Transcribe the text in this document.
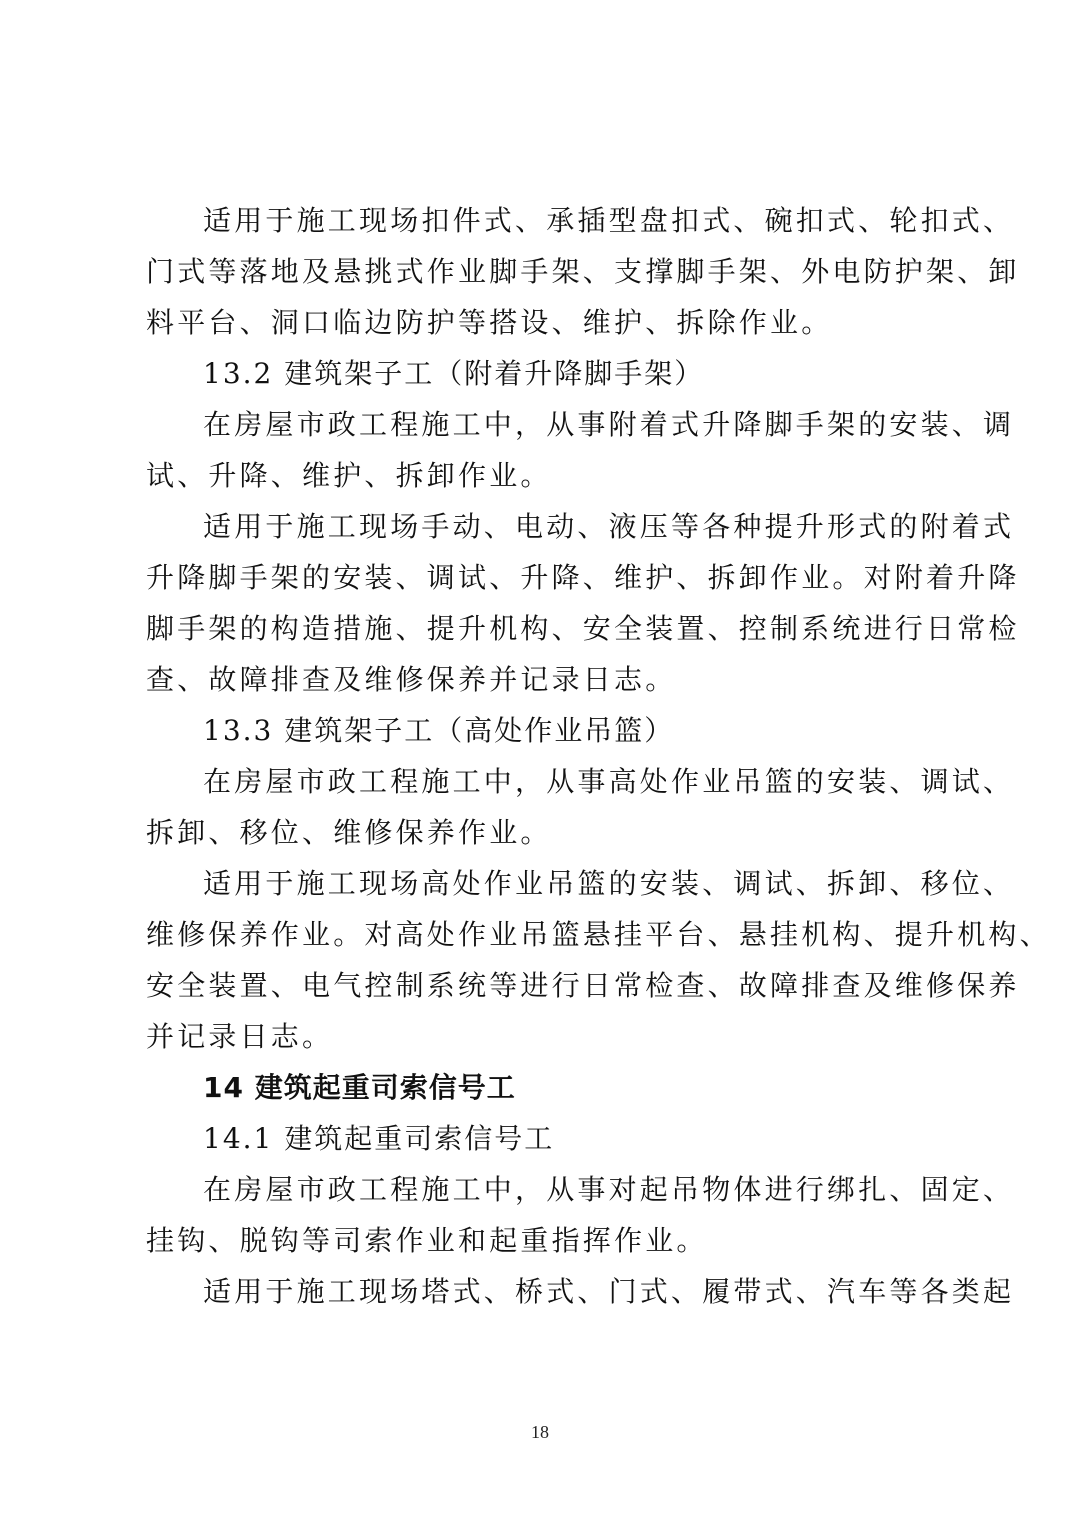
适用于施工现场扣件式、承插型盘扣式、碗扣式、轮扣式、
门式等落地及悬挑式作业脚手架、支撑脚手架、外电防护架、卸
料平台、洞口临边防护等搭设、维护、拆除作业。
13.2 建筑架子工（附着升降脚手架）
在房屋市政工程施工中，从事附着式升降脚手架的安装、调
试、升降、维护、拆卸作业。
适用于施工现场手动、电动、液压等各种提升形式的附着式
升降脚手架的安装、调试、升降、维护、拆卸作业。对附着升降
脚手架的构造措施、提升机构、安全装置、控制系统进行日常检
查、故障排查及维修保养并记录日志。
13.3 建筑架子工（高处作业吊篮）
在房屋市政工程施工中，从事高处作业吊篮的安装、调试、
拆卸、移位、维修保养作业。
适用于施工现场高处作业吊篮的安装、调试、拆卸、移位、
维修保养作业。对高处作业吊篮悬挂平台、悬挂机构、提升机构、
安全装置、电气控制系统等进行日常检查、故障排查及维修保养
并记录日志。
14 建筑起重司索信号工
14.1 建筑起重司索信号工
在房屋市政工程施工中，从事对起吊物体进行绑扎、固定、
挂钩、脱钩等司索作业和起重指挥作业。
适用于施工现场塔式、桥式、门式、履带式、汽车等各类起
18
